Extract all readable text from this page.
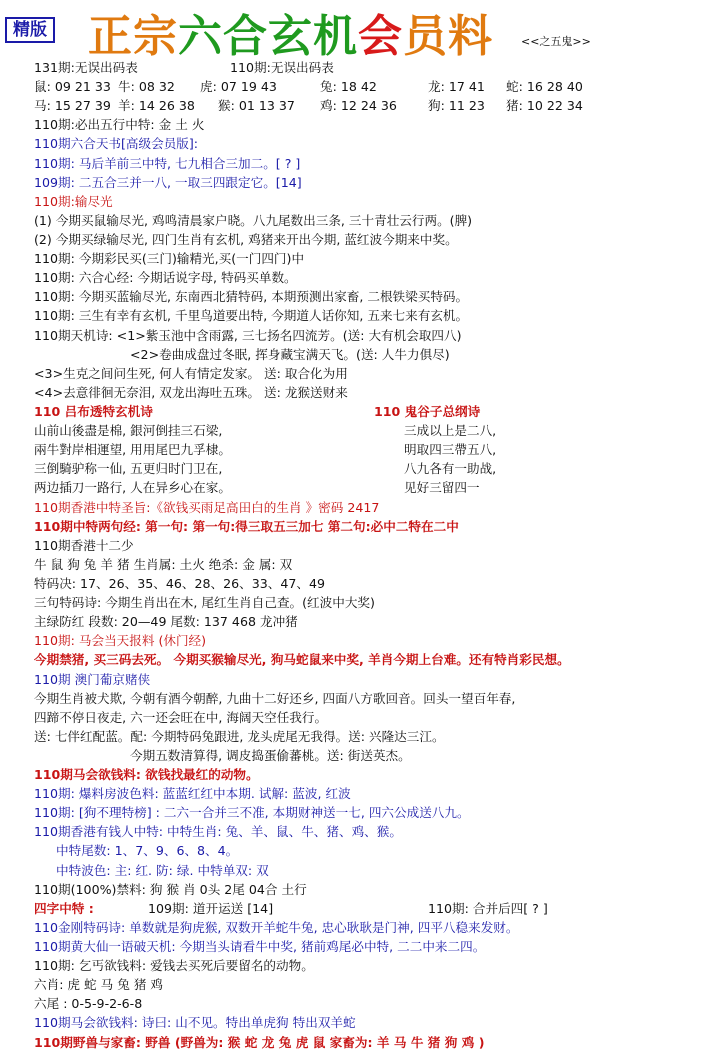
精版 正宗六合玄机会员料	<<之五鬼>>
131期:无误出码表	110期:无误出码表
鼠: 09 21 33 牛: 08 32 虎: 07 19 43	兔: 18 42	龙: 17 41 蛇: 16 28 40
马: 15 27 39 羊: 14 26 38 猴: 01 13 37 鸡: 12 24 36 狗: 11 23 猪: 10 22 34
110期:必出五行中特: 金 土 火
110期六合天书[高级会员版]:
110期: 马后羊前三中特, 七九相合三加二。[ ? ]
109期: 二五合三并一八, 一取三四跟定它。[14]
110期:输尽光
(1) 今期买鼠输尽光, 鸡鸣清晨家户晓。八九尾数出三条, 三十青壮云行两。(脾)
(2) 今期买绿输尽光, 四门生肖有玄机, 鸡猪来开出今期, 蓝红波今期来中奖。
110期: 今期彩民买(三门)输精光,买(一门四门)中
110期: 六合心经: 今期话说字母, 特码买单数。
110期: 今期买蓝输尽光, 东南西北猜特码, 本期预测出家畜, 二根铁梁买特码。
110期: 三生有幸有玄机, 千里鸟道要出特, 今期道人话你知, 五来七来有玄机。
110期天机诗: <1>紫玉池中含雨露, 三七扬名四流芳。(送: 大有机会取四八)
<2>卷曲成盘过冬眠, 挥身藏宝满天飞。(送: 人牛力俱尽)
<3>生克之间问生死, 何人有情定发家。 送: 取合化为用
<4>去意徘徊无奈泪, 双龙出海吐五珠。 送: 龙猴送财来
110 吕布透特玄机诗	110 鬼谷子总纲诗
山前山後盡是棉, 銀河倒挂三石梁,	三成以上是二八,
兩牛對岸相運望, 用用尾巴九孚棣。	明取四三帶五八,
三倒騎驴称一仙, 五更归时门卫在,	八九各有一助战,
两边插刀一路行, 人在异乡心在家。	见好三留四一
110期香港中特圣旨:《欲钱买雨足高田白的生肖 》密码 2417
110期中特两句经: 第一句: 第一句:得三取五三加七 第二句:必中二特在二中
110期香港十二少
牛 鼠 狗 兔 羊 猪 生肖属: 土火 绝杀: 金 属: 双
特码决: 17、26、35、46、28、26、33、47、49
三句特码诗: 今期生肖出在木, 尾红生肖自己查。(红波中大奖)
主绿防红 段数: 20—49 尾数: 137 468 龙冲猪
110期: 马会当天报料 (休门经)
今期禁猪, 买三码去死。 今期买猴输尽光, 狗马蛇鼠来中奖, 羊肖今期上台难。还有特肖彩民想。
110期 澳门葡京赌侠
今期生肖被犬欺, 今朝有酒今朝醉, 九曲十二好还乡, 四面八方歌回音。回头一望百年春,
四蹄不停日夜走, 六一还会旺在中, 海阔天空任我行。
送: 七伴红配蓝。配: 今期特码兔跟进, 龙头虎尾无我得。送: 兴隆达三江。
今期五数清算得, 调皮捣蛋偷蕃桃。送: 街送英杰。
110期马会欲钱料: 欲钱找最红的动物。
110期: 爆料房波色料: 蓝蓝红红中本期. 试解: 蓝波, 红波
110期: [狗不理特榜] : 二六一合并三不准, 本期财神送一七, 四六公成送八九。
110期香港有钱人中特: 中特生肖: 兔、羊、鼠、牛、猪、鸡、猴。
中特尾数: 1、7、9、6、8、4。
中特波色: 主: 红. 防: 绿. 中特单双: 双
110期(100%)禁料: 狗 猴 肖 0头 2尾 04合 土行
四字中特 :	109期: 道开运送 [14]	110期: 合并后四[ ? ]
110金刚特码诗: 单数就是狗虎猴, 双数开羊蛇牛兔, 忠心耿耿是门神, 四平八稳来发财。
110期黄大仙一语破天机: 今期当头请看牛中奖, 猪前鸡尾必中特, 二二中来二四。
110期: 乞丐欲钱料: 爱钱去买死后要留名的动物。
六肖: 虎 蛇 马 兔 猪 鸡
六尾 : 0-5-9-2-6-8
110期马会欲钱料: 诗曰: 山不见。特出单虎狗 特出双羊蛇
110期野兽与家畜: 野兽 (野兽为: 猴 蛇 龙 兔 虎 鼠 家畜为: 羊 马 牛 猪 狗 鸡 )
